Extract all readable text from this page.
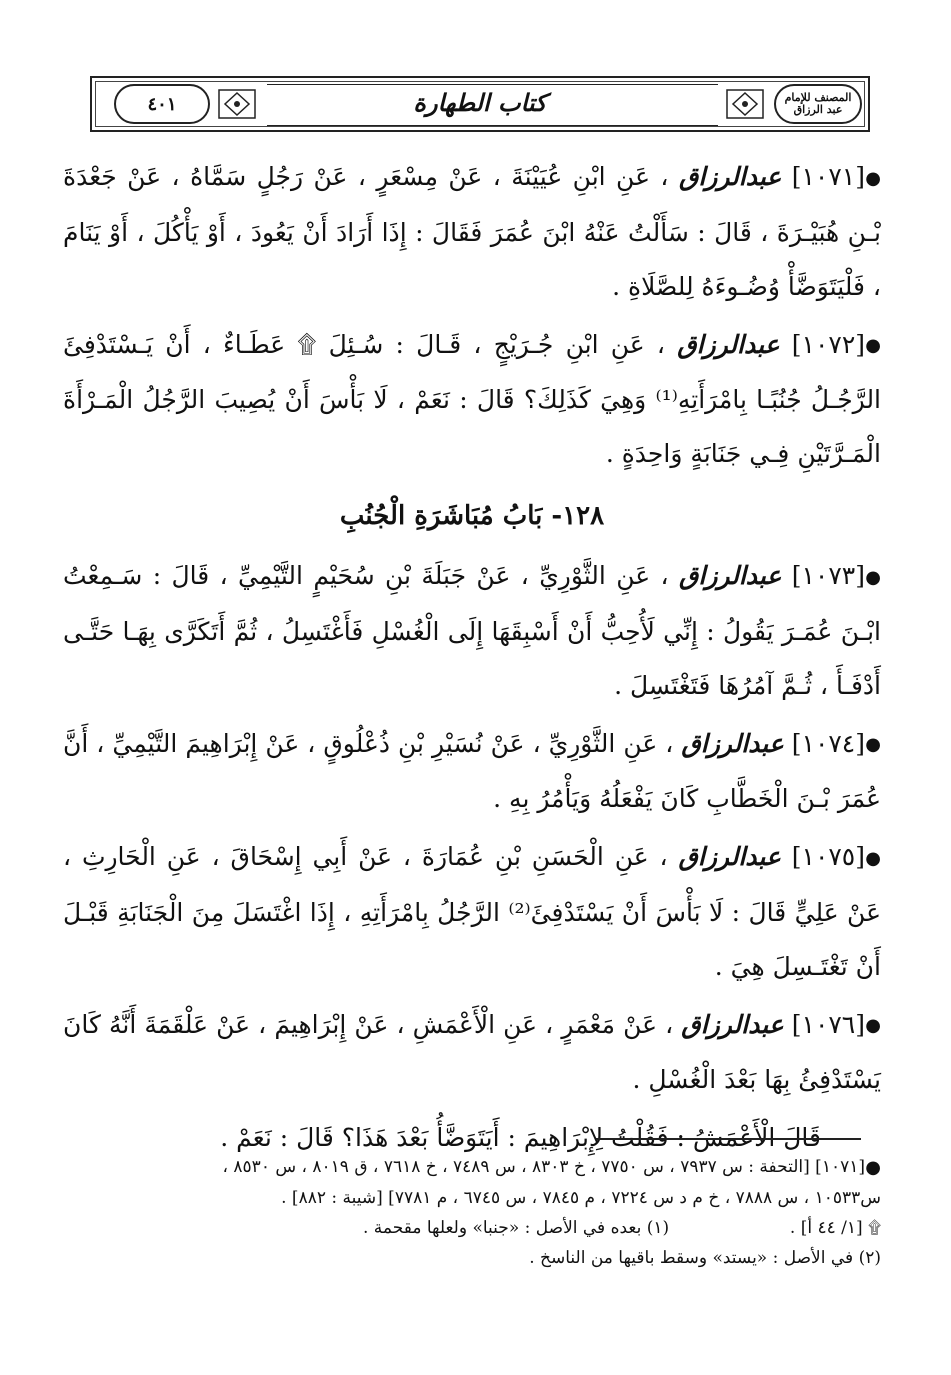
٤٠١	كتاب الطهارة	المصنف للإمام عبد الرزاق

●[١٠٧١] عبدالرزاق ، عَنِ ابْنِ عُيَيْنَةَ ، عَنْ مِسْعَرٍ ، عَنْ رَجُلٍ سَمَّاهُ ، عَنْ جَعْدَةَ بْـنِ هُبَيْـرَةَ ، قَالَ : سَأَلْتُ عَنْهُ ابْنَ عُمَرَ فَقَالَ : إِذَا أَرَادَ أَنْ يَعُودَ ، أَوْ يَأْكُلَ ، أَوْ يَنَامَ ، فَلْيَتَوَضَّأْ وُضُـوءَهُ لِلصَّلَاةِ .

●[١٠٧٢] عبدالرزاق ، عَنِ ابْنِ جُـرَيْجٍ ، قَـالَ : سُـئِلَ ۩ عَطَـاءٌ ، أَنْ يَـسْتَدْفِئَ الرَّجُـلُ جُنُبًـا بِامْرَأَتِهِ⁽¹⁾ وَهِيَ كَذَلِكَ؟ قَالَ : نَعَمْ ، لَا بَأْسَ أَنْ يُصِيبَ الرَّجُلُ الْمَـرْأَةَ الْمَـرَّتَيْنِ فِـي جَنَابَةٍ وَاحِدَةٍ .

١٢٨- بَابُ مُبَاشَرَةِ الْجُنُبِ

●[١٠٧٣] عبدالرزاق ، عَنِ الثَّوْرِيِّ ، عَنْ جَبَلَةَ بْنِ سُحَيْمٍ التَّيْمِيِّ ، قَالَ : سَـمِعْتُ ابْـنَ عُمَـرَ يَقُولُ : إِنِّي لَأُحِبُّ أَنْ أَسْبِقَهَا إِلَى الْغُسْلِ فَأَغْتَسِلُ ، ثُمَّ أَتَكَرَّى بِهَـا حَتَّـى أَدْفَـأَ ، ثُـمَّ آمُرُهَا فَتَغْتَسِلَ .

●[١٠٧٤] عبدالرزاق ، عَنِ الثَّوْرِيِّ ، عَنْ نُسَيْرِ بْنِ ذُعْلُوقٍ ، عَنْ إِبْرَاهِيمَ التَّيْمِيِّ ، أَنَّ عُمَرَ بْـنَ الْخَطَّابِ كَانَ يَفْعَلُهُ وَيَأْمُرُ بِهِ .

●[١٠٧٥] عبدالرزاق ، عَنِ الْحَسَنِ بْنِ عُمَارَةَ ، عَنْ أَبِي إِسْحَاقَ ، عَنِ الْحَارِثِ ، عَنْ عَلِيٍّ قَالَ : لَا بَأْسَ أَنْ يَسْتَدْفِئَ⁽²⁾ الرَّجُلُ بِامْرَأَتِهِ ، إِذَا اغْتَسَلَ مِنَ الْجَنَابَةِ قَبْـلَ أَنْ تَغْتَـسِلَ هِيَ .

●[١٠٧٦] عبدالرزاق ، عَنْ مَعْمَرٍ ، عَنِ الْأَعْمَشِ ، عَنْ إِبْرَاهِيمَ ، عَنْ عَلْقَمَةَ أَنَّهُ كَانَ يَسْتَدْفِئُ بِهَا بَعْدَ الْغُسْلِ .

قَالَ الْأَعْمَشُ : فَقُلْتُ لِإِبْرَاهِيمَ : أَيَتَوَضَّأُ بَعْدَ هَذَا؟ قَالَ : نَعَمْ .

●[١٠٧١] [التحفة : س ٧٩٣٧ ، س ٧٧٥٠ ، خ ٨٣٠٣ ، س ٧٤٨٩ ، خ ٧٦١٨ ، ق ٨٠١٩ ، س ٨٥٣٠ ،

س١٠٥٣٣ ، س ٧٨٨٨ ، خ م د س ٧٢٢٤ ، م ٧٨٤٥ ، س ٦٧٤٥ ، م ٧٧٨١] [شيبة : ٨٨٢] .

۩ [١/ ٤٤ أ] .
(١) بعده في الأصل : «جنبا» ولعلها مقحمة .

(٢) في الأصل : «يستد» وسقط باقيها من الناسخ .
